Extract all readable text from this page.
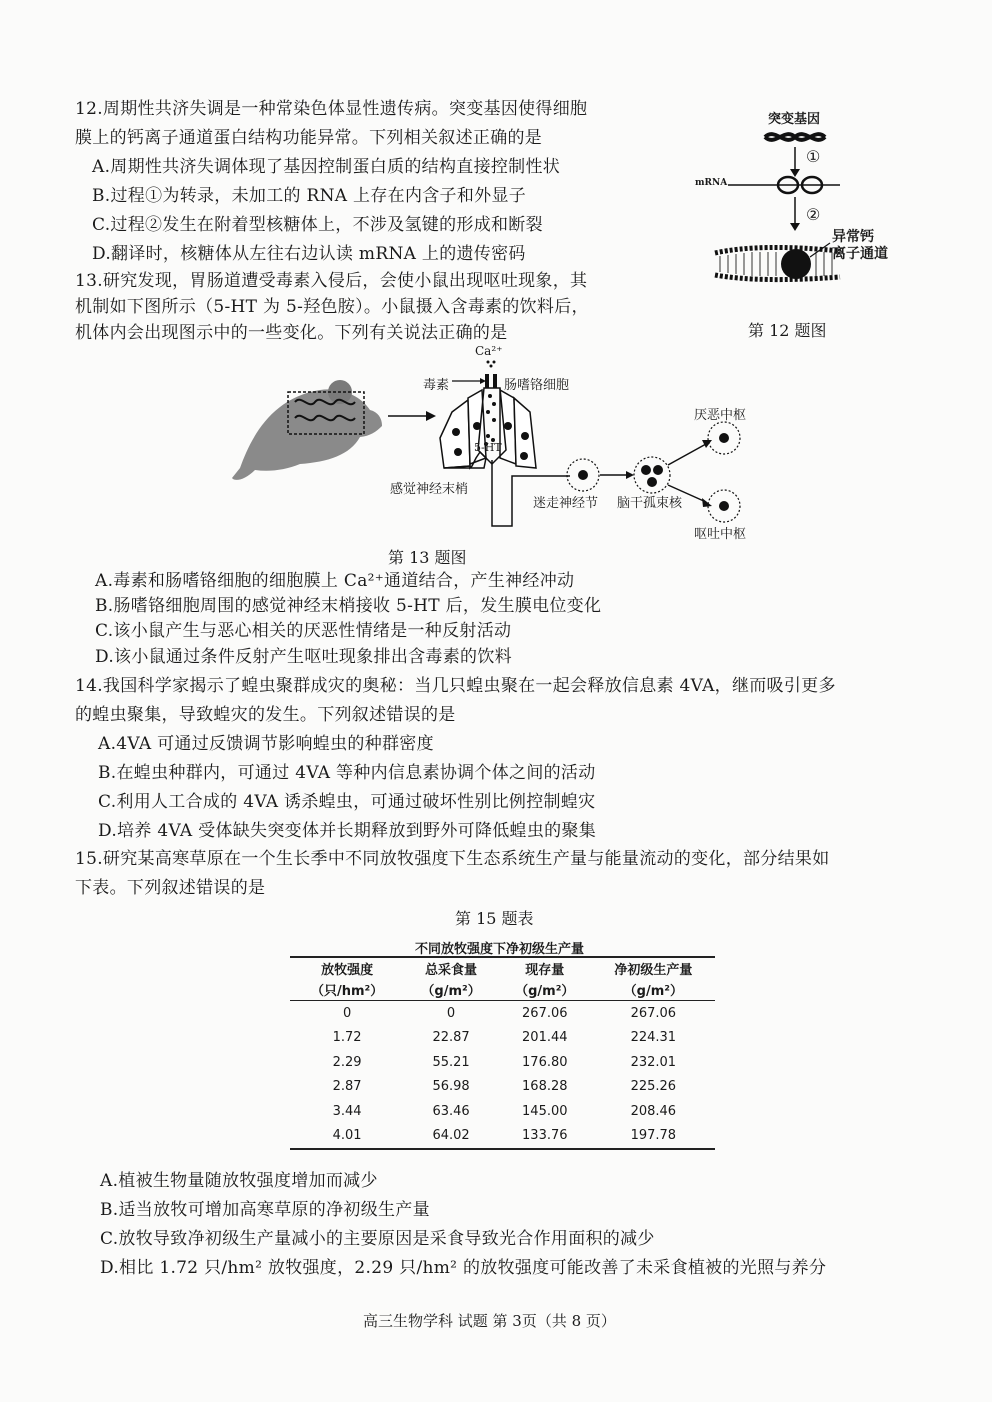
12.周期性共济失调是一种常染色体显性遗传病。突变基因使得细胞
膜上的钙离子通道蛋白结构功能异常。下列相关叙述正确的是
A.周期性共济失调体现了基因控制蛋白质的结构直接控制性状
B.过程①为转录，未加工的 RNA 上存在内含子和外显子
C.过程②发生在附着型核糖体上，不涉及氢键的形成和断裂
D.翻译时，核糖体从左往右边认读 mRNA 上的遗传密码
突变基因
①
mRNA
②
异常钙
离子通道
第 12 题图
13.研究发现，胃肠道遭受毒素入侵后，会使小鼠出现呕吐现象，其
机制如下图所示（5-HT 为 5-羟色胺）。小鼠摄入含毒素的饮料后，
机体内会出现图示中的一些变化。下列有关说法正确的是
Ca²⁺
毒素	肠嗜铬细胞
5-HT
感觉神经末梢
迷走神经节 脑干孤束核
厌恶中枢
呕吐中枢
第 13 题图
A.毒素和肠嗜铬细胞的细胞膜上 Ca²⁺通道结合，产生神经冲动
B.肠嗜铬细胞周围的感觉神经末梢接收 5-HT 后，发生膜电位变化
C.该小鼠产生与恶心相关的厌恶性情绪是一种反射活动
D.该小鼠通过条件反射产生呕吐现象排出含毒素的饮料
14.我国科学家揭示了蝗虫聚群成灾的奥秘：当几只蝗虫聚在一起会释放信息素 4VA，继而吸引更多
的蝗虫聚集，导致蝗灾的发生。下列叙述错误的是
A.4VA 可通过反馈调节影响蝗虫的种群密度
B.在蝗虫种群内，可通过 4VA 等种内信息素协调个体之间的活动
C.利用人工合成的 4VA 诱杀蝗虫，可通过破坏性别比例控制蝗灾
D.培养 4VA 受体缺失突变体并长期释放到野外可降低蝗虫的聚集
15.研究某高寒草原在一个生长季中不同放牧强度下生态系统生产量与能量流动的变化，部分结果如
下表。下列叙述错误的是
第 15 题表
不同放牧强度下净初级生产量
放牧强度	总采食量	现存量	净初级生产量
（只/hm²）	（g/m²）	（g/m²）	（g/m²）
0	0	267.06	267.06
1.72	22.87	201.44	224.31
2.29	55.21	176.80	232.01
2.87	56.98	168.28	225.26
3.44	63.46	145.00	208.46
4.01	64.02	133.76	197.78
A.植被生物量随放牧强度增加而减少
B.适当放牧可增加高寒草原的净初级生产量
C.放牧导致净初级生产量减小的主要原因是采食导致光合作用面积的减少
D.相比 1.72 只/hm² 放牧强度，2.29 只/hm² 的放牧强度可能改善了未采食植被的光照与养分
高三生物学科 试题 第 3页（共 8 页）
